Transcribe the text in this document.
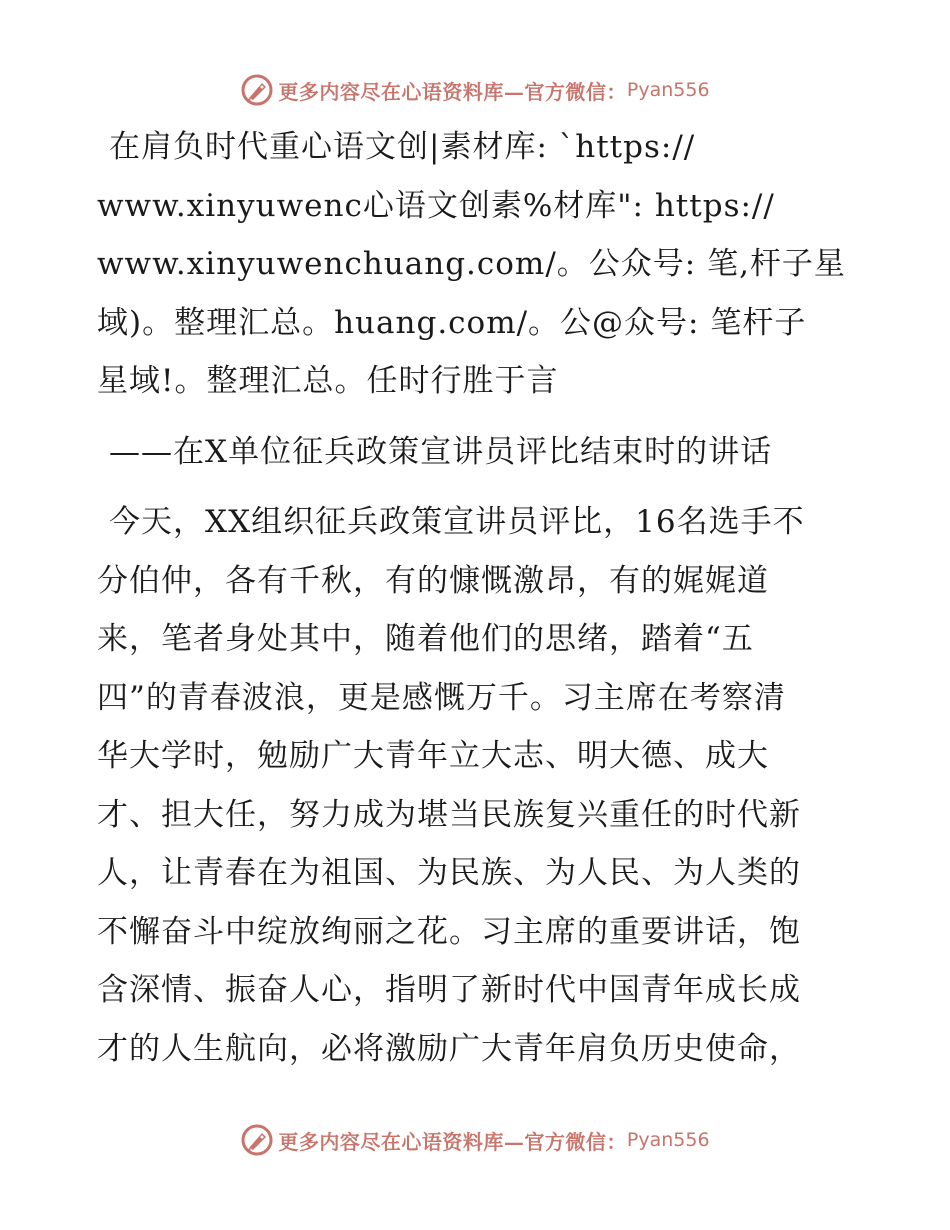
更多内容尽在心语资料库—官方微信： Pyan556
在肩负时代重心语文创|素材库: `https://
www.xinyuwenc心语文创素%材库": https://
www.xinyuwenchuang.com/。公众号: 笔,杆子星
域)。整理汇总。huang.com/。公@众号: 笔杆子
星域!。整理汇总。任时行胜于言
——在X单位征兵政策宣讲员评比结束时的讲话
今天，XX组织征兵政策宣讲员评比，16名选手不
分伯仲，各有千秋，有的慷慨激昂，有的娓娓道
来，笔者身处其中，随着他们的思绪，踏着“五
四”的青春波浪，更是感慨万千。习主席在考察清
华大学时，勉励广大青年立大志、明大德、成大
才、担大任，努力成为堪当民族复兴重任的时代新
人，让青春在为祖国、为民族、为人民、为人类的
不懈奋斗中绽放绚丽之花。习主席的重要讲话，饱
含深情、振奋人心，指明了新时代中国青年成长成
才的人生航向，必将激励广大青年肩负历史使命，
更多内容尽在心语资料库—官方微信： Pyan556
